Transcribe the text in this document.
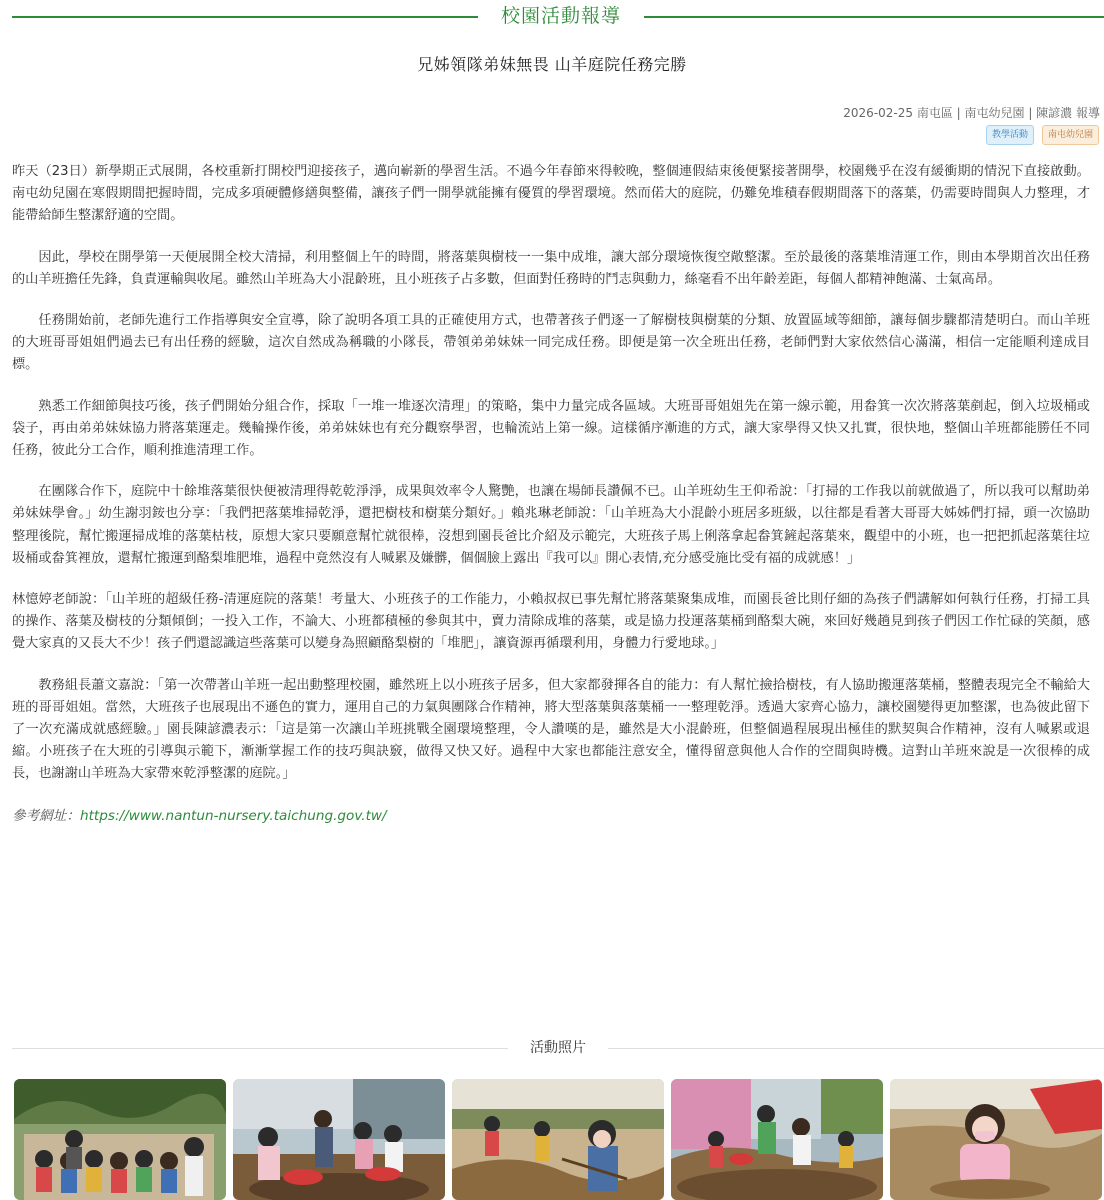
校園活動報導
兄姊領隊弟妹無畏 山羊庭院任務完勝
2026-02-25 南屯區 | 南屯幼兒園 | 陳諺濃 報導
教學活動	南屯幼兒園

昨天（23日）新學期正式展開，各校重新打開校門迎接孩子，邁向嶄新的學習生活。不過今年春節來得較晚，整個連假結束後便緊接著開學，校園幾乎在沒有緩衝期的情況下直接啟動。南屯幼兒園在寒假期間把握時間，完成多項硬體修繕與整備，讓孩子們一開學就能擁有優質的學習環境。然而偌大的庭院，仍難免堆積春假期間落下的落葉，仍需要時間與人力整理，才能帶給師生整潔舒適的空間。

因此，學校在開學第一天便展開全校大清掃，利用整個上午的時間，將落葉與樹枝一一集中成堆，讓大部分環境恢復空敞整潔。至於最後的落葉堆清運工作，則由本學期首次出任務的山羊班擔任先鋒，負責運輸與收尾。雖然山羊班為大小混齡班，且小班孩子占多數，但面對任務時的鬥志與動力，絲毫看不出年齡差距，每個人都精神飽滿、士氣高昂。

任務開始前，老師先進行工作指導與安全宣導，除了說明各項工具的正確使用方式，也帶著孩子們逐一了解樹枝與樹葉的分類、放置區域等細節，讓每個步驟都清楚明白。而山羊班的大班哥哥姐姐們過去已有出任務的經驗，這次自然成為稱職的小隊長，帶領弟弟妹妹一同完成任務。即便是第一次全班出任務，老師們對大家依然信心滿滿，相信一定能順利達成目標。

熟悉工作細節與技巧後，孩子們開始分組合作，採取「一堆一堆逐次清理」的策略，集中力量完成各區域。大班哥哥姐姐先在第一線示範，用畚箕一次次將落葉剷起，倒入垃圾桶或袋子，再由弟弟妹妹協力將落葉運走。幾輪操作後，弟弟妹妹也有充分觀察學習，也輪流站上第一線。這樣循序漸進的方式，讓大家學得又快又扎實，很快地，整個山羊班都能勝任不同任務，彼此分工合作，順利推進清理工作。

在團隊合作下，庭院中十餘堆落葉很快便被清理得乾乾淨淨，成果與效率令人驚艷，也讓在場師長讚佩不已。山羊班幼生王仰希說：「打掃的工作我以前就做過了，所以我可以幫助弟弟妹妹學會。」幼生謝羽銨也分享：「我們把落葉堆掃乾淨，還把樹枝和樹葉分類好。」賴兆琳老師說：「山羊班為大小混齡小班居多班級，以往都是看著大哥哥大姊姊們打掃，頭一次協助整理後院，幫忙搬運掃成堆的落葉枯枝，原想大家只要願意幫忙就很棒，沒想到園長爸比介紹及示範完，大班孩子馬上俐落拿起畚箕鏟起落葉來，觀望中的小班，也一把把抓起落葉往垃圾桶或畚箕裡放，還幫忙搬運到酪梨堆肥堆，過程中竟然沒有人喊累及嫌髒，個個臉上露出『我可以』開心表情,充分感受施比受有福的成就感！」

林憶婷老師說：「山羊班的超級任務-清運庭院的落葉！考量大、小班孩子的工作能力，小賴叔叔已事先幫忙將落葉聚集成堆，而園長爸比則仔細的為孩子們講解如何執行任務，打掃工具的操作、落葉及樹枝的分類傾倒；一投入工作，不論大、小班都積極的參與其中，賣力清除成堆的落葉，或是協力投運落葉桶到酪梨大碗，來回好幾趟見到孩子們因工作忙碌的笑顏，感覺大家真的又長大不少！孩子們還認識這些落葉可以變身為照顧酪梨樹的「堆肥」，讓資源再循環利用，身體力行愛地球。」

教務組長蕭文嘉說：「第一次帶著山羊班一起出動整理校園，雖然班上以小班孩子居多，但大家都發揮各自的能力：有人幫忙撿拾樹枝，有人協助搬運落葉桶，整體表現完全不輸給大班的哥哥姐姐。當然，大班孩子也展現出不遜色的實力，運用自己的力氣與團隊合作精神，將大型落葉與落葉桶一一整理乾淨。透過大家齊心協力，讓校園變得更加整潔，也為彼此留下了一次充滿成就感經驗。」園長陳諺濃表示：「這是第一次讓山羊班挑戰全園環境整理，令人讚嘆的是，雖然是大小混齡班，但整個過程展現出極佳的默契與合作精神，沒有人喊累或退縮。小班孩子在大班的引導與示範下，漸漸掌握工作的技巧與訣竅，做得又快又好。過程中大家也都能注意安全，懂得留意與他人合作的空間與時機。這對山羊班來說是一次很棒的成長，也謝謝山羊班為大家帶來乾淨整潔的庭院。」

參考網址：https://www.nantun-nursery.taichung.gov.tw/

活動照片
